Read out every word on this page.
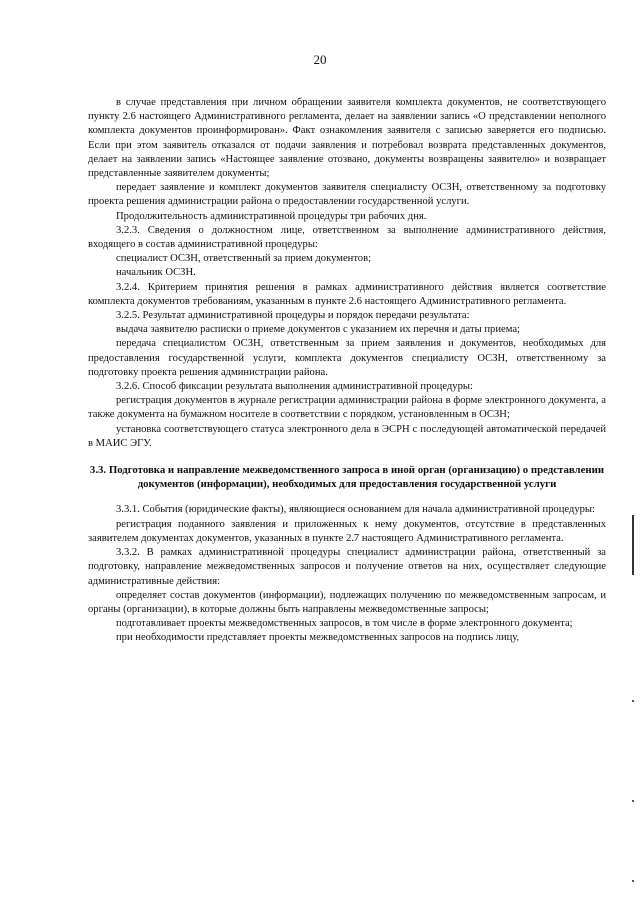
20

в случае представления при личном обращении заявителя комплекта документов, не соответствующего пункту 2.6 настоящего Административного регламента, делает на заявлении запись «О представлении неполного комплекта документов проинформирован». Факт ознакомления заявителя с записью заверяется его подписью. Если при этом заявитель отказался от подачи заявления и потребовал возврата представленных документов, делает на заявлении запись «Настоящее заявление отозвано, документы возвращены заявителю» и возвращает представленные заявителем документы;

передает заявление и комплект документов заявителя специалисту ОСЗН, ответственному за подготовку проекта решения администрации района о предоставлении государственной услуги.

Продолжительность административной процедуры три рабочих дня.

3.2.3. Сведения о должностном лице, ответственном за выполнение административного действия, входящего в состав административной процедуры:

специалист ОСЗН, ответственный за прием документов;

начальник ОСЗН.

3.2.4. Критерием принятия решения в рамках административного действия является соответствие комплекта документов требованиям, указанным в пункте 2.6 настоящего Административного регламента.

3.2.5. Результат административной процедуры и порядок передачи результата:

выдача заявителю расписки о приеме документов с указанием их перечня и даты приема;

передача специалистом ОСЗН, ответственным за прием заявления и документов, необходимых для предоставления государственной услуги, комплекта документов специалисту ОСЗН, ответственному за подготовку проекта решения администрации района.

3.2.6. Способ фиксации результата выполнения административной процедуры:

регистрация документов в журнале регистрации администрации района в форме электронного документа, а также документа на бумажном носителе в соответствии с порядком, установленным в ОСЗН;

установка соответствующего статуса электронного дела в ЭСРН с последующей автоматической передачей в МАИС ЭГУ.

3.3. Подготовка и направление межведомственного запроса в иной орган (организацию) о представлении документов (информации), необходимых для предоставления государственной услуги

3.3.1. События (юридические факты), являющиеся основанием для начала административной процедуры:

регистрация поданного заявления и приложенных к нему документов, отсутствие в представленных заявителем документах документов, указанных в пункте 2.7 настоящего Административного регламента.

3.3.2. В рамках административной процедуры специалист администрации района, ответственный за подготовку, направление межведомственных запросов и получение ответов на них, осуществляет следующие административные действия:

определяет состав документов (информации), подлежащих получению по межведомственным запросам, и органы (организации), в которые должны быть направлены межведомственные запросы;

подготавливает проекты межведомственных запросов, в том числе в форме электронного документа;

при необходимости представляет проекты межведомственных запросов на подпись лицу,
